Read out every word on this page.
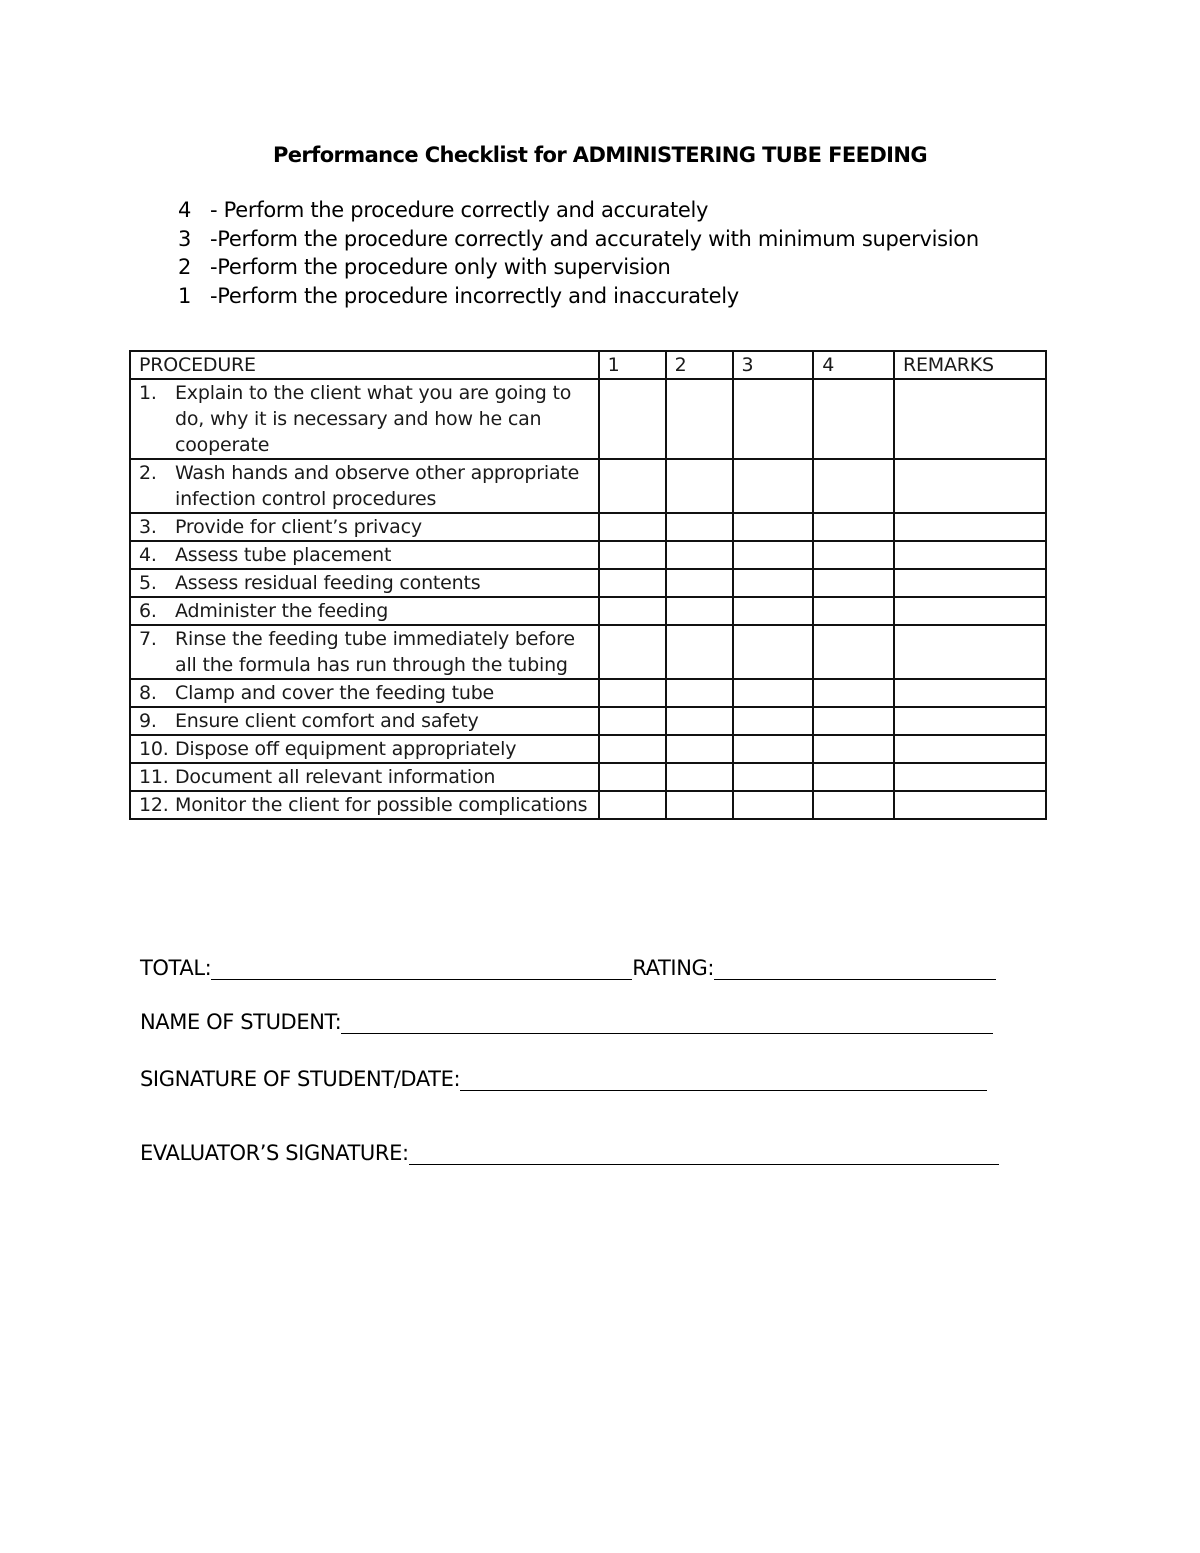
Performance Checklist for ADMINISTERING TUBE FEEDING
4 - Perform the procedure correctly and accurately
3 -Perform the procedure correctly and accurately with minimum supervision
2 -Perform the procedure only with supervision
1 -Perform the procedure incorrectly and inaccurately
PROCEDURE	1	2	3	4	REMARKS

1. Explain to the client what you are going to do, why it is necessary and how he can cooperate					

2. Wash hands and observe other appropriate infection control procedures					

3. Provide for client’s privacy					

4. Assess tube placement					

5. Assess residual feeding contents					

6. Administer the feeding					

7. Rinse the feeding tube immediately before all the formula has run through the tubing					

8. Clamp and cover the feeding tube					

9. Ensure client comfort and safety					

10. Dispose off equipment appropriately					

11. Document all relevant information					

12. Monitor the client for possible complications					

TOTAL:	RATING:
NAME OF STUDENT:
SIGNATURE OF STUDENT/DATE:
EVALUATOR’S SIGNATURE:
